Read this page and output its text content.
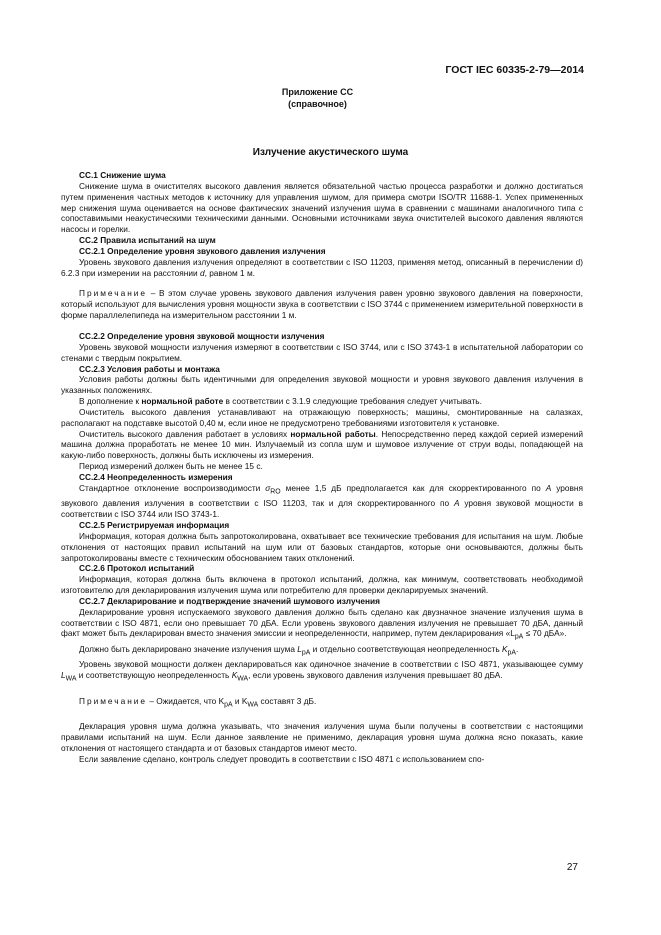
ГОСТ IEC 60335-2-79—2014
Приложение СС
(справочное)
Излучение акустического шума

СС.1 Снижение шума

Снижение шума в очистителях высокого давления является обязательной частью процесса разработки и должно достигаться путем применения частных методов к источнику для управления шумом, для примера смотри ISO/TR 11688-1. Успех примененных мер снижения шума оценивается на основе фактических значений излучения шума в сравнении с машинами аналогичного типа с сопоставимыми неакустическими техническими данными. Основными источниками звука очистителей высокого давления являются насосы и горелки.

СС.2 Правила испытаний на шум

СС.2.1 Определение уровня звукового давления излучения

Уровень звукового давления излучения определяют в соответствии с ISO 11203, применяя метод, описанный в перечислении d) 6.2.3 при измерении на расстоянии d, равном 1 м.

Примечание – В этом случае уровень звукового давления излучения равен уровню звукового давления на поверхности, который используют для вычисления уровня мощности звука в соответствии с ISO 3744 с применением измерительной поверхности в форме параллелепипеда на измерительном расстоянии 1 м.

СС.2.2 Определение уровня звуковой мощности излучения

Уровень звуковой мощности излучения измеряют в соответствии с ISO 3744, или с ISO 3743-1 в испытательной лаборатории со стенами с твердым покрытием.

СС.2.3 Условия работы и монтажа

Условия работы должны быть идентичными для определения звуковой мощности и уровня звукового давления излучения в указанных положениях.

В дополнение к нормальной работе в соответствии с 3.1.9 следующие требования следует учитывать.

Очиститель высокого давления устанавливают на отражающую поверхность; машины, смонтированные на салазках, располагают на подставке высотой 0,40 м, если иное не предусмотрено требованиями изготовителя к установке.

Очиститель высокого давления работает в условиях нормальной работы. Непосредственно перед каждой серией измерений машина должна проработать не менее 10 мин. Излучаемый из сопла шум и шумовое излучение от струи воды, попадающей на какую-либо поверхность, должны быть исключены из измерения.

Период измерений должен быть не менее 15 с.

СС.2.4 Неопределенность измерения

Стандартное отклонение воспроизводимости $\sigma_{RO}$ менее 1,5 дБ предполагается как для скорректированного по А уровня звукового давления излучения в соответствии с ISO 11203, так и для скорректированного по А уровня звуковой мощности в соответствии с ISO 3744 или ISO 3743-1.

СС.2.5 Регистрируемая информация

Информация, которая должна быть запротоколирована, охватывает все технические требования для испытания на шум. Любые отклонения от настоящих правил испытаний на шум или от базовых стандартов, которые они основываются, должны быть запротоколированы вместе с техническим обоснованием таких отклонений.

СС.2.6 Протокол испытаний

Информация, которая должна быть включена в протокол испытаний, должна, как минимум, соответствовать необходимой изготовителю для декларирования излучения шума или потребителю для проверки декларируемых значений.

СС.2.7 Декларирование и подтверждение значений шумового излучения

Декларирование уровня испускаемого звукового давления должно быть сделано как двузначное значение излучения шума в соответствии с ISO 4871, если оно превышает 70 дБА. Если уровень звукового давления излучения не превышает 70 дБА, данный факт может быть декларирован вместо значения эмиссии и неопределенности, например, путем декларирования «$L_{pA} \le 70$ дБА».

Должно быть декларировано значение излучения шума $L_{pA}$ и отдельно соответствующая неопределенность $K_{pA}$.

Уровень звуковой мощности должен декларироваться как одиночное значение в соответствии с ISO 4871, указывающее сумму $L_{WA}$ и соответствующую неопределенность $K_{WA}$, если уровень звукового давления излучения превышает 80 дБА.

Примечание – Ожидается, что $K_{pA}$ и $K_{WA}$ составят 3 дБ.

Декларация уровня шума должна указывать, что значения излучения шума были получены в соответствии с настоящими правилами испытаний на шум. Если данное заявление не применимо, декларация уровня шума должна ясно показать, какие отклонения от настоящего стандарта и от базовых стандартов имеют место.

Если заявление сделано, контроль следует проводить в соответствии с ISO 4871 с использованием спо-

27
